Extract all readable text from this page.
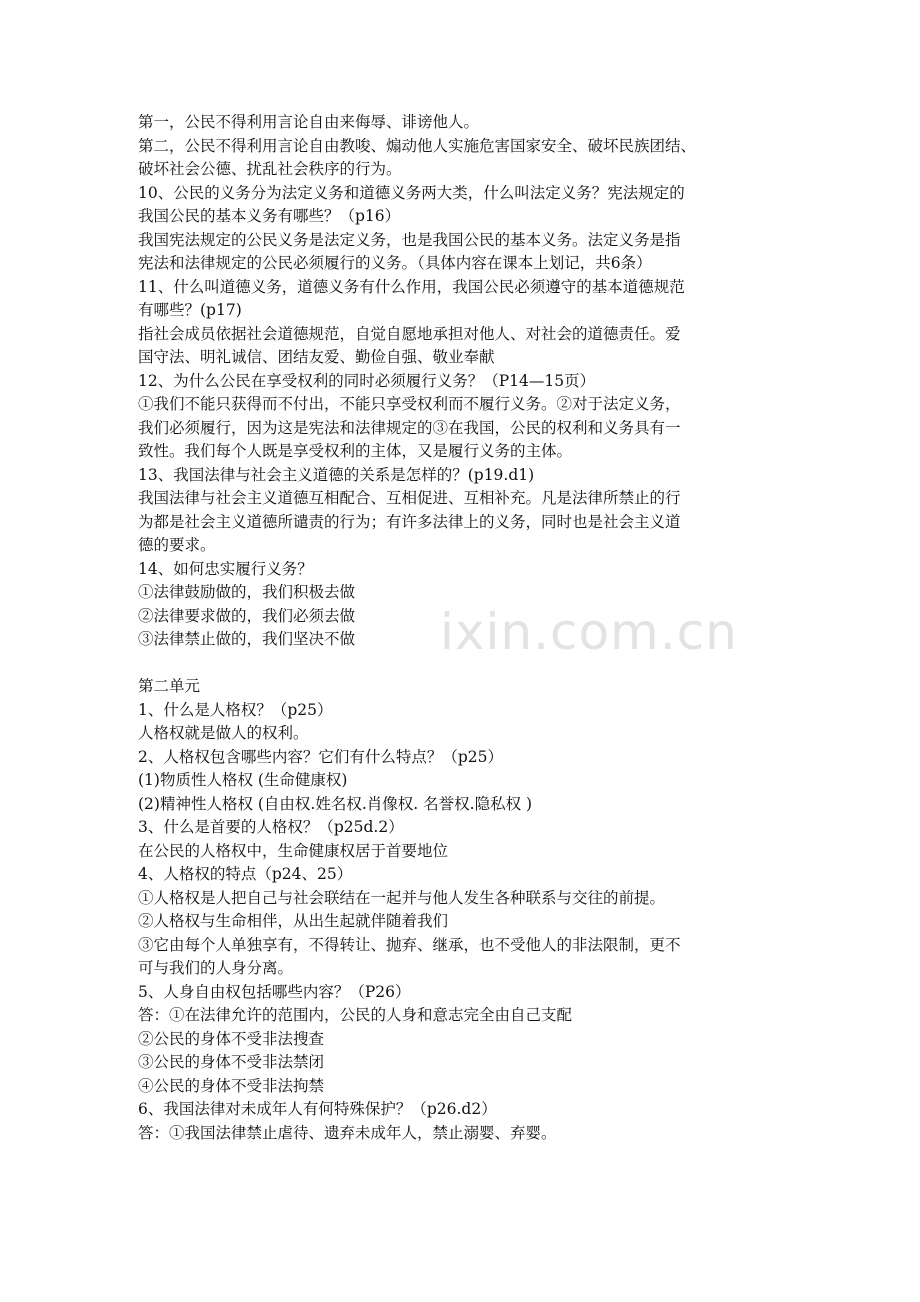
ixin.com.cn
第一，公民不得利用言论自由来侮辱、诽谤他人。
第二，公民不得利用言论自由教唆、煽动他人实施危害国家安全、破坏民族团结、
破坏社会公德、扰乱社会秩序的行为。
10、公民的义务分为法定义务和道德义务两大类，什么叫法定义务？宪法规定的
我国公民的基本义务有哪些？（p16）
我国宪法规定的公民义务是法定义务，也是我国公民的基本义务。法定义务是指
宪法和法律规定的公民必须履行的义务。（具体内容在课本上划记，共6条）
11、什么叫道德义务，道德义务有什么作用，我国公民必须遵守的基本道德规范
有哪些？(p17)
指社会成员依据社会道德规范，自觉自愿地承担对他人、对社会的道德责任。爱
国守法、明礼诚信、团结友爱、勤俭自强、敬业奉献
12、为什么公民在享受权利的同时必须履行义务？（P14—15页）
①我们不能只获得而不付出，不能只享受权利而不履行义务。②对于法定义务，
我们必须履行，因为这是宪法和法律规定的③在我国，公民的权利和义务具有一
致性。我们每个人既是享受权利的主体，又是履行义务的主体。
13、我国法律与社会主义道德的关系是怎样的？(p19.d1)
我国法律与社会主义道德互相配合、互相促进、互相补充。凡是法律所禁止的行
为都是社会主义道德所谴责的行为；有许多法律上的义务，同时也是社会主义道
德的要求。
14、如何忠实履行义务？
①法律鼓励做的，我们积极去做
②法律要求做的，我们必须去做
③法律禁止做的，我们坚决不做
第二单元
1、什么是人格权？（p25）
人格权就是做人的权利。
2、人格权包含哪些内容？它们有什么特点？（p25）
(1)物质性人格权 (生命健康权)
(2)精神性人格权 (自由权.姓名权.肖像权. 名誉权.隐私权 )
3、什么是首要的人格权？（p25d.2）
在公民的人格权中，生命健康权居于首要地位
4、人格权的特点（p24、25）
①人格权是人把自己与社会联结在一起并与他人发生各种联系与交往的前提。
②人格权与生命相伴，从出生起就伴随着我们
③它由每个人单独享有，不得转让、抛弃、继承，也不受他人的非法限制，更不
可与我们的人身分离。
5、人身自由权包括哪些内容？（P26）
答：①在法律允许的范围内，公民的人身和意志完全由自己支配
②公民的身体不受非法搜查
③公民的身体不受非法禁闭
④公民的身体不受非法拘禁
6、我国法律对未成年人有何特殊保护？（p26.d2）
答：①我国法律禁止虐待、遗弃未成年人，禁止溺婴、弃婴。
